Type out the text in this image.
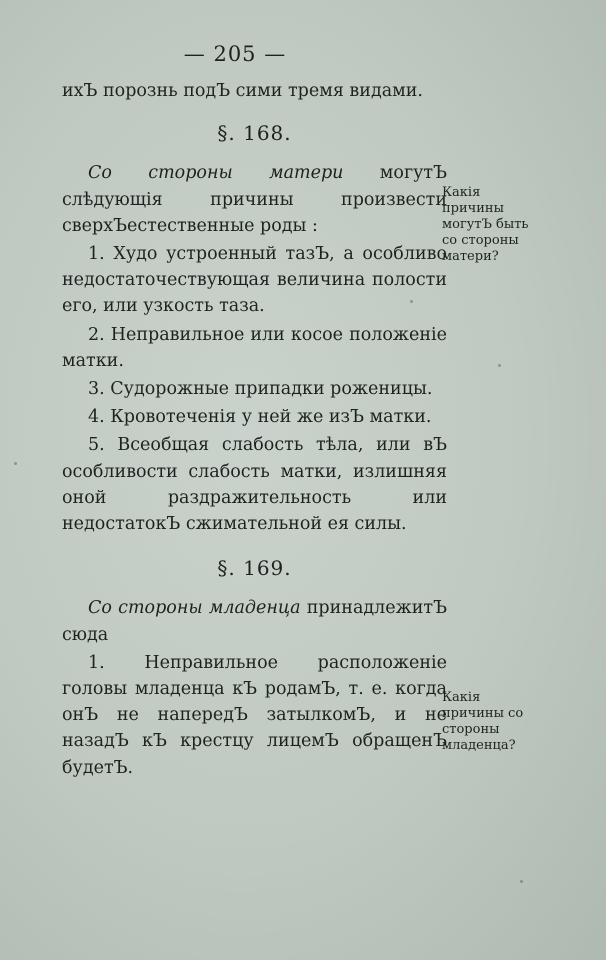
— 205 —

ихЪ порознь подЪ сими тремя видами.

§. 168.

Со стороны матери могутЪ слѣдующія причины произвести сверхЪестественные роды :

1. Худо устроенный тазЪ, а особливо недостаточествующая величина полости его, или узкость таза.

2. Неправильное или косое положеніе матки.

3. Судорожные припадки роженицы.

4. Кровотеченія у ней же изЪ матки.

5. Всеобщая слабость тѣла, или вЪ особливости слабость матки, излишняя оной раздражительность или недостатокЪ сжимательной ея силы.

§. 169.

Со стороны младенца принадлежитЪ сюда

1. Неправильное расположеніе головы младенца кЪ родамЪ, т. е. когда онЪ не напередЪ затылкомЪ, и не назадЪ кЪ крестцу лицемЪ обращенЪ будетЪ.

Какія причины могутЪ быть со стороны матери?
Какія причины со стороны младенца?
